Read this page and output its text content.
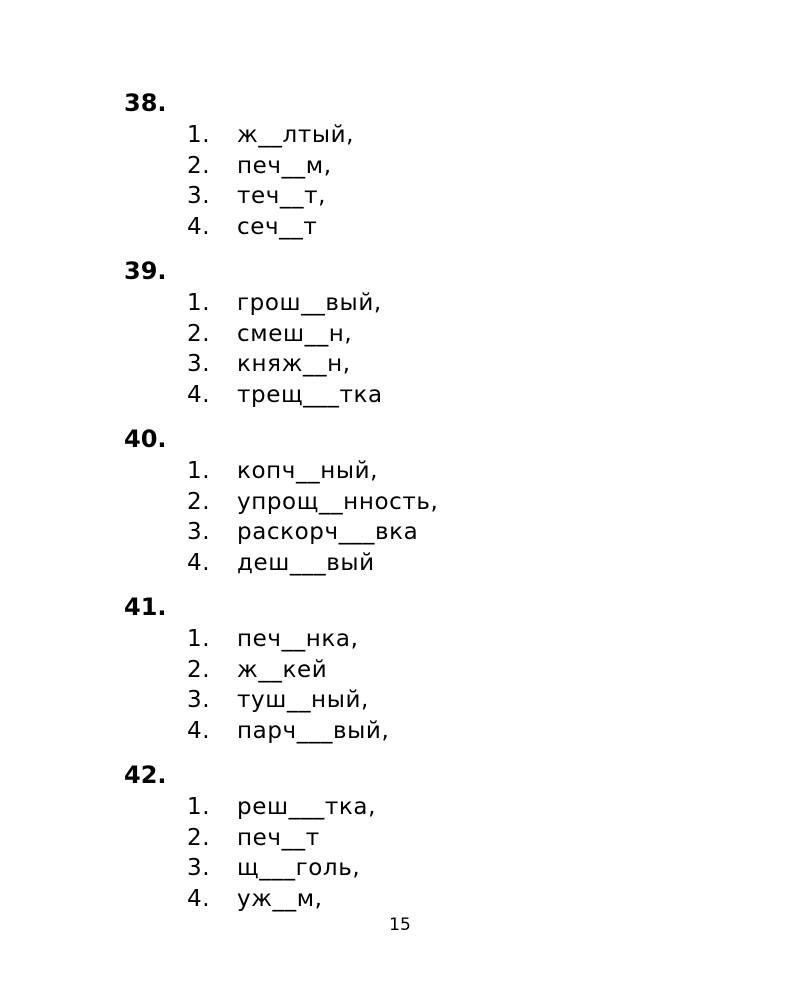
38.
1.	ж__лтый,
2.	печ__м,
3.	теч__т,
4.	сеч__т
39.
1.	грош__вый,
2.	смеш__н,
3.	княж__н,
4.	трещ___тка
40.
1.	копч__ный,
2.	упрощ__нность,
3.	раскорч___вка
4.	деш___вый
41.
1.	печ__нка,
2.	ж__кей
3.	туш__ный,
4.	парч___вый,
42.
1.	реш___тка,
2.	печ__т
3.	щ___голь,
4.	уж__м,
15
